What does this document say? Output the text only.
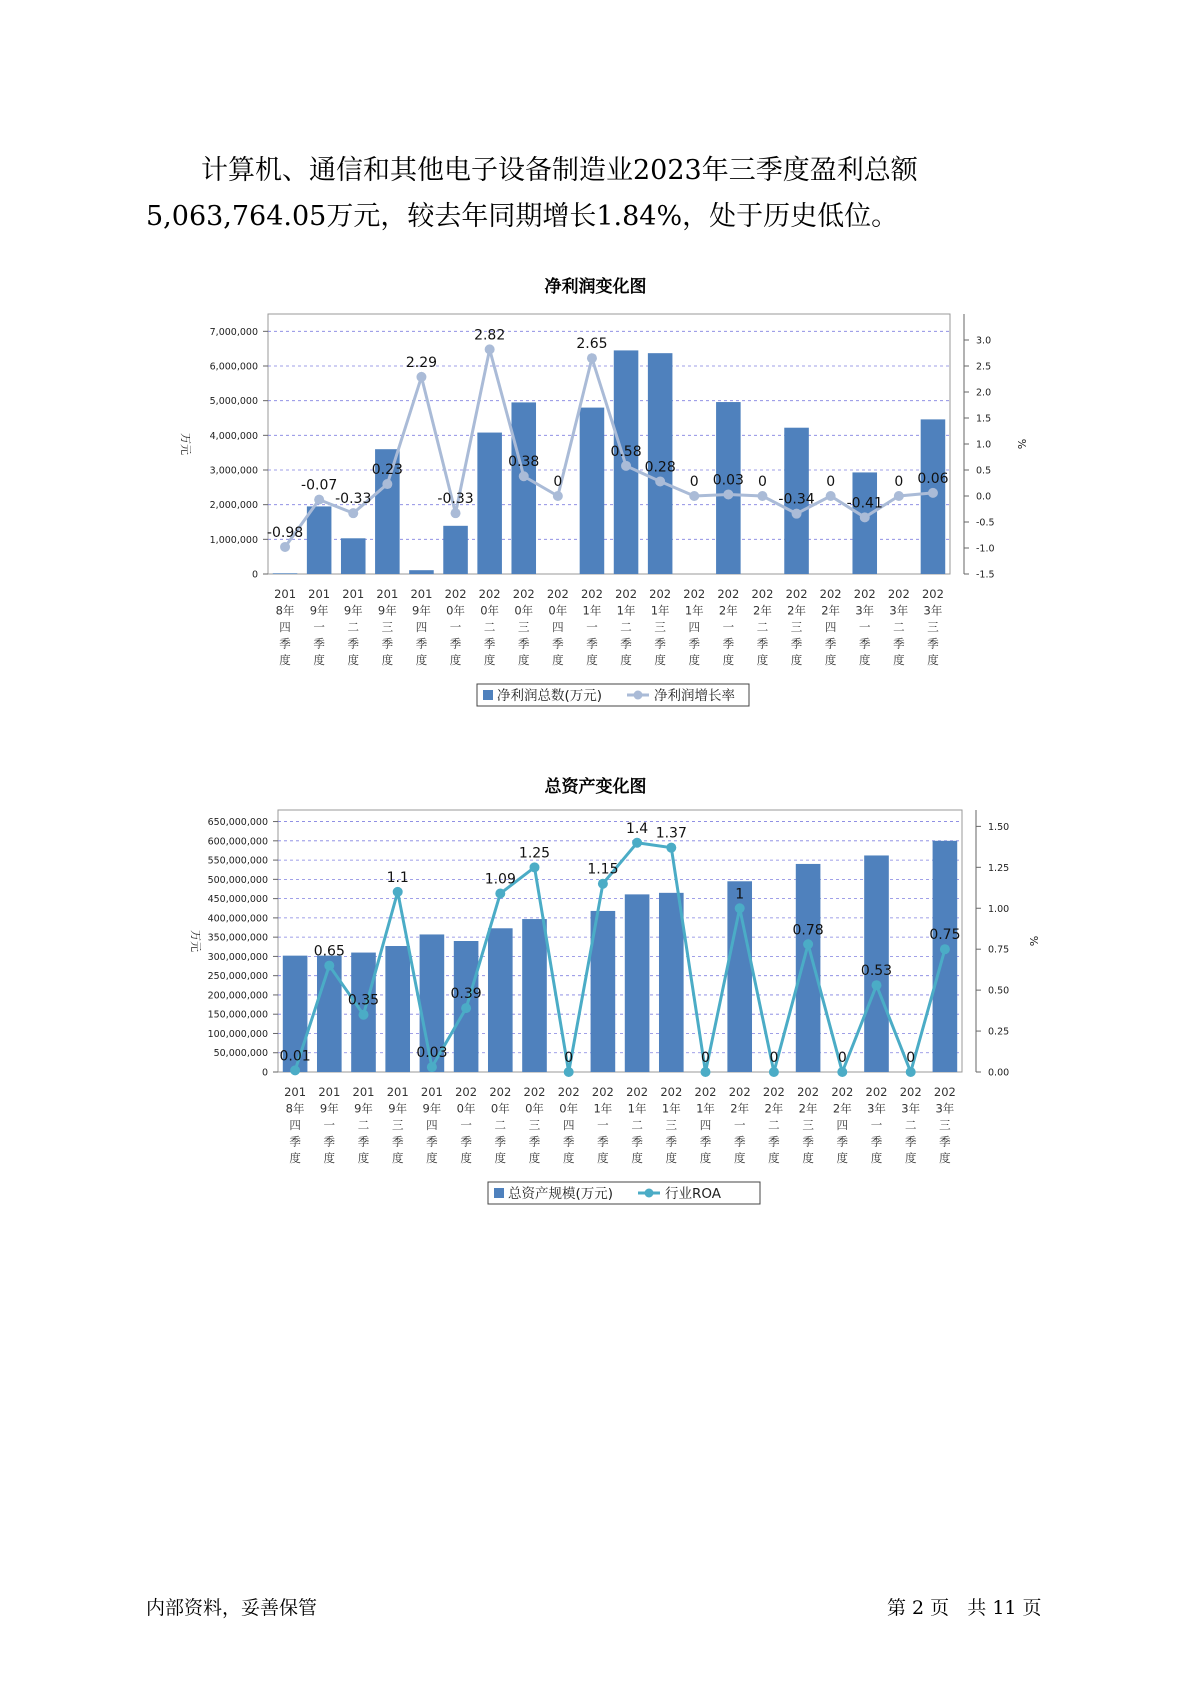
计算机、通信和其他电子设备制造业2023年三季度盈利总额
5,063,764.05万元，较去年同期增长1.84%，处于历史低位。
净利润变化图
0
1,000,000
2,000,000
3,000,000
4,000,000
5,000,000
6,000,000
7,000,000
-1.5
-1.0
-0.5
0.0
0.5
1.0
1.5
2.0
2.5
3.0
万元	%
201
8年
四
季
度
201
9年
一
季
度
201
9年
二
季
度
201
9年
三
季
度
201
9年
四
季
度
202
0年
一
季
度
202
0年
二
季
度
202
0年
三
季
度
202
0年
四
季
度
202
1年
一
季
度
202
1年
二
季
度
202
1年
三
季
度
202
1年
四
季
度
202
2年
一
季
度
202
2年
二
季
度
202
2年
三
季
度
202
2年
四
季
度
202
3年
一
季
度
202
3年
二
季
度
202
3年
三
季
度
-0.98
-0.07
-0.33
0.23
2.29
-0.33
2.82
0.38
0
2.65
0.58
0.28
0 0.03 0
-0.34
0
-0.41
0 0.06
净利润总数(万元)	净利润增长率
总资产变化图
0
50,000,000
100,000,000
150,000,000
200,000,000
250,000,000
300,000,000
350,000,000
400,000,000
450,000,000
500,000,000
550,000,000
600,000,000
650,000,000
0.00
0.25
0.50
0.75
1.00
1.25
1.50
万元	%
201
8年
四
季
度
201
9年
一
季
度
201
9年
二
季
度
201
9年
三
季
度
201
9年
四
季
度
202
0年
一
季
度
202
0年
二
季
度
202
0年
三
季
度
202
0年
四
季
度
202
1年
一
季
度
202
1年
二
季
度
202
1年
三
季
度
202
1年
四
季
度
202
2年
一
季
度
202
2年
二
季
度
202
2年
三
季
度
202
2年
四
季
度
202
3年
一
季
度
202
3年
二
季
度
202
3年
三
季
度
0.01
0.65
0.35
1.1
0.03
0.39
1.09
1.25
0
1.15
1.4 1.37
0
1
0
0.78
0
0.53
0
0.75
总资产规模(万元)	行业ROA
内部资料，妥善保管	第 2 页   共 11 页
